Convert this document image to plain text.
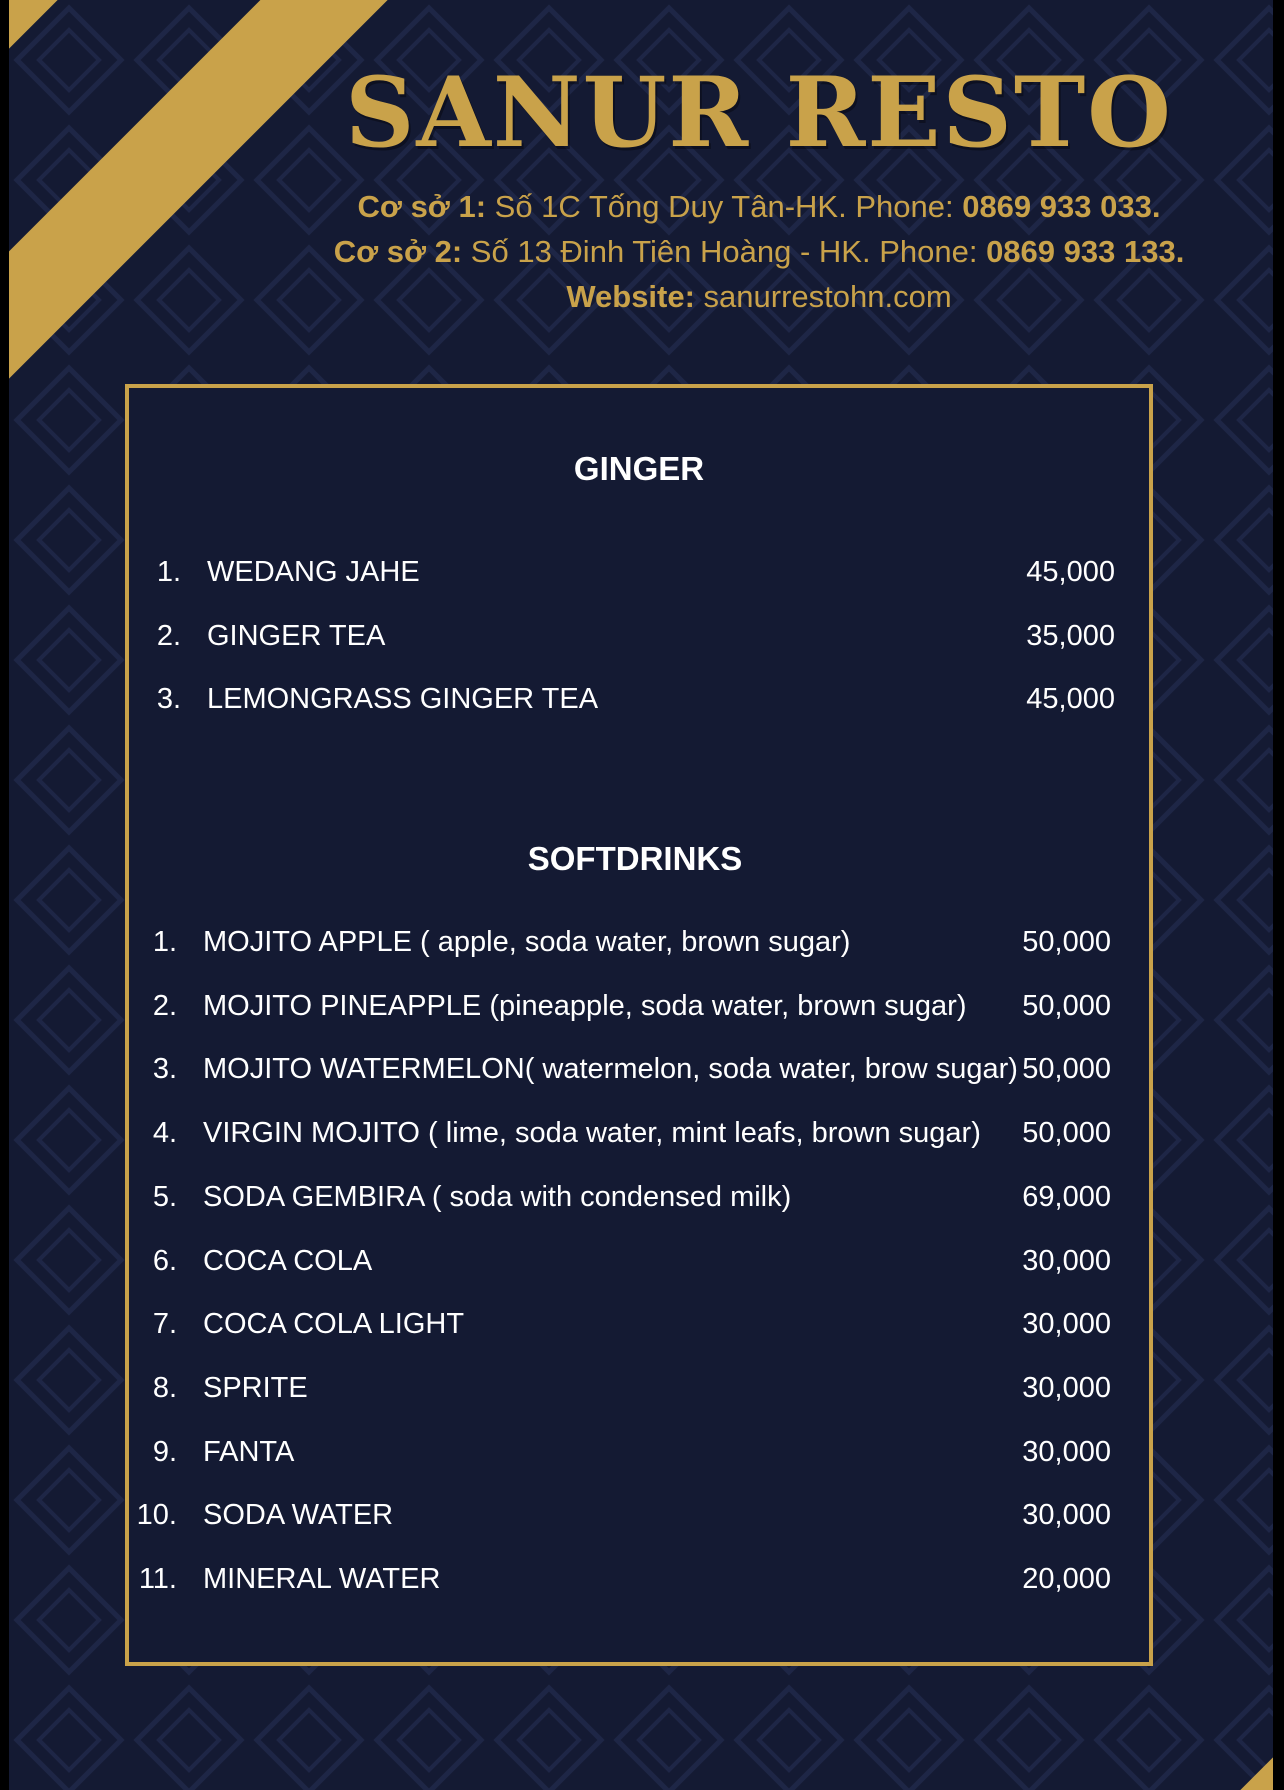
SANUR RESTO
Cơ sở 1: Số 1C Tống Duy Tân-HK. Phone: 0869 933 033.
Cơ sở 2: Số 13 Đinh Tiên Hoàng - HK. Phone: 0869 933 133.
Website: sanurrestohn.com
GINGER
1. WEDANG JAHE	45,000
2. GINGER TEA	35,000
3. LEMONGRASS GINGER TEA	45,000
SOFTDRINKS
1. MOJITO APPLE ( apple, soda water, brown sugar)	50,000
2. MOJITO PINEAPPLE (pineapple, soda water, brown sugar)	50,000
3. MOJITO WATERMELON( watermelon, soda water, brow sugar) 50,000
4. VIRGIN MOJITO ( lime, soda water, mint leafs, brown sugar)	50,000
5. SODA GEMBIRA ( soda with condensed milk)	69,000
6. COCA COLA	30,000
7. COCA COLA LIGHT	30,000
8. SPRITE	30,000
9. FANTA	30,000
10. SODA WATER	30,000
11. MINERAL WATER	20,000
